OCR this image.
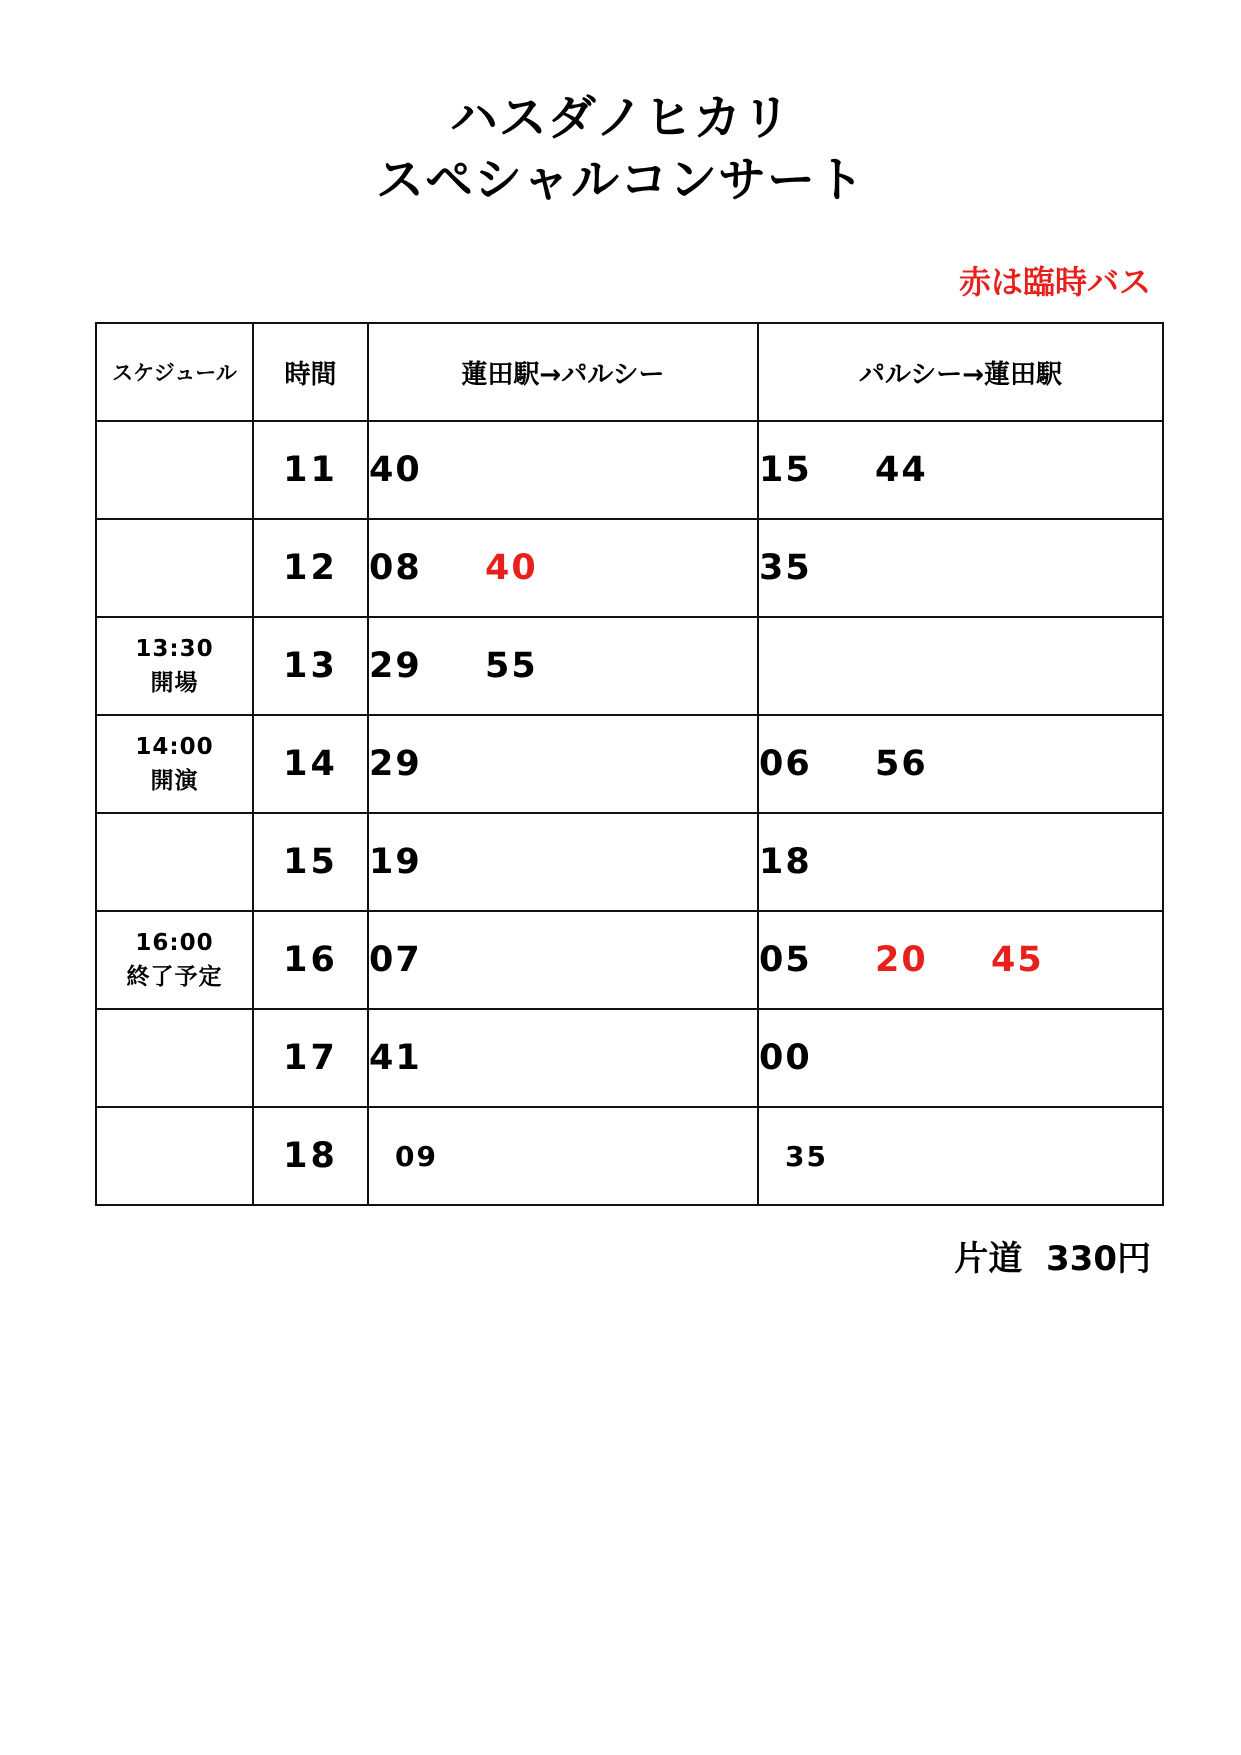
ハスダノヒカリ
スペシャルコンサート
赤は臨時バス
スケジュール	時間	蓮田駅→パルシー	パルシー→蓮田駅

	11	40	15 44

	12	08 40	35

13:30
開場	13	29 55	

14:00
開演	14	29	06 56

	15	19	18

16:00
終了予定	16	07	05 20 45

	17	41	00

	18	09	35
片道  330円
